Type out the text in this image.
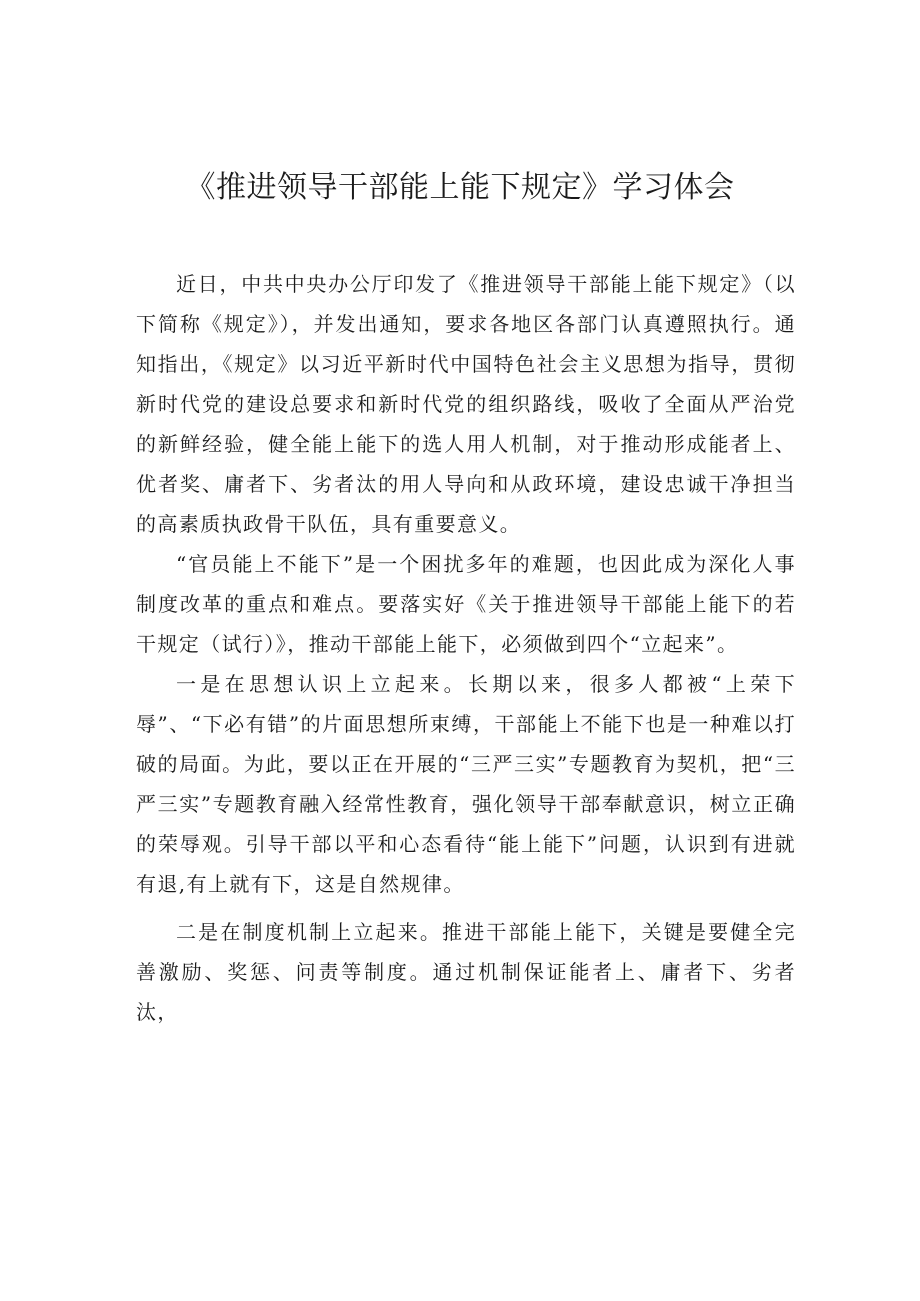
《推进领导干部能上能下规定》学习体会

近日，中共中央办公厅印发了《推进领导干部能上能下规定》（以下简称《规定》），并发出通知，要求各地区各部门认真遵照执行。通知指出，《规定》以习近平新时代中国特色社会主义思想为指导，贯彻新时代党的建设总要求和新时代党的组织路线，吸收了全面从严治党的新鲜经验，健全能上能下的选人用人机制，对于推动形成能者上、优者奖、庸者下、劣者汰的用人导向和从政环境，建设忠诚干净担当的高素质执政骨干队伍，具有重要意义。

“官员能上不能下”是一个困扰多年的难题，也因此成为深化人事制度改革的重点和难点。要落实好《关于推进领导干部能上能下的若干规定（试行）》，推动干部能上能下，必须做到四个“立起来”。

一是在思想认识上立起来。长期以来，很多人都被“上荣下辱”、“下必有错”的片面思想所束缚，干部能上不能下也是一种难以打破的局面。为此，要以正在开展的“三严三实”专题教育为契机，把“三严三实”专题教育融入经常性教育，强化领导干部奉献意识，树立正确的荣辱观。引导干部以平和心态看待“能上能下”问题，认识到有进就有退,有上就有下，这是自然规律。

二是在制度机制上立起来。推进干部能上能下，关键是要健全完善激励、奖惩、问责等制度。通过机制保证能者上、庸者下、劣者汰，
